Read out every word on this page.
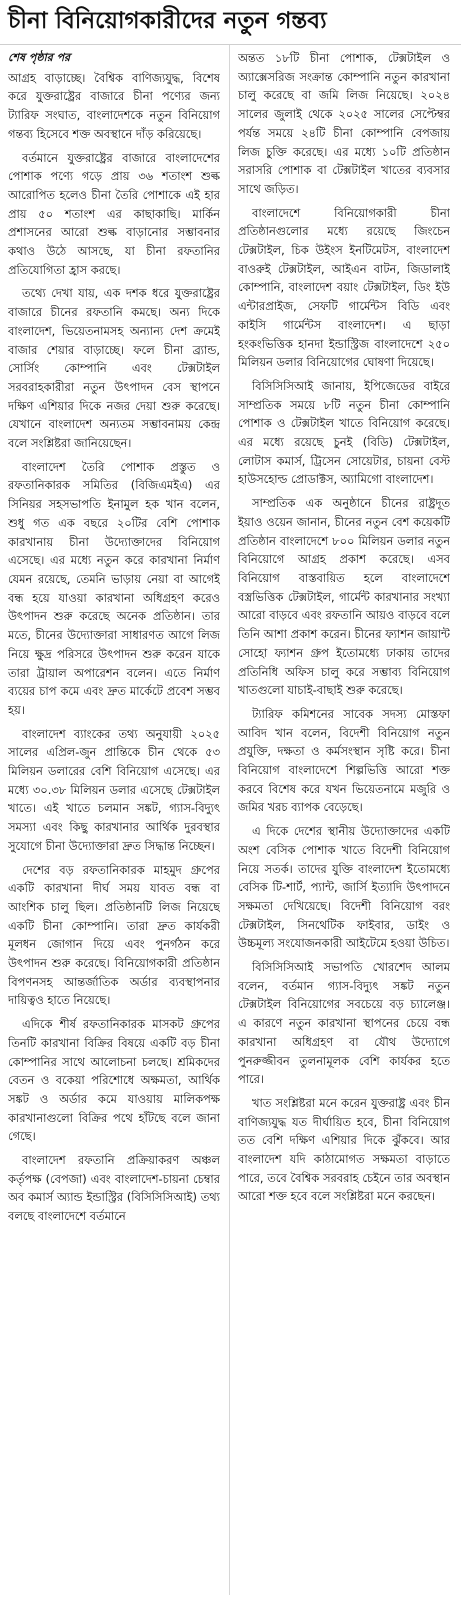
চীনা বিনিয়োগকারীদের নতুন গন্তব্য
শেষ পৃষ্ঠার পর

আগ্রহ বাড়াচ্ছে। বৈশ্বিক বাণিজ্যযুদ্ধ, বিশেষ করে যুক্তরাষ্ট্রের বাজারে চীনা পণ্যের জন্য ট্যারিফ সংঘাত, বাংলাদেশকে নতুন বিনিয়োগ গন্তব্য হিসেবে শক্ত অবস্থানে দাঁড় করিয়েছে।

বর্তমানে যুক্তরাষ্ট্রের বাজারে বাংলাদেশের পোশাক পণ্যে গড়ে প্রায় ৩৬ শতাংশ শুল্ক আরোপিত হলেও চীনা তৈরি পোশাকে এই হার প্রায় ৫০ শতাংশ এর কাছাকাছি। মার্কিন প্রশাসনের আরো শুল্ক বাড়ানোর সম্ভাবনার কথাও উঠে আসছে, যা চীনা রফতানির প্রতিযোগিতা হ্রাস করছে।

তথ্যে দেখা যায়, এক দশক ধরে যুক্তরাষ্ট্রের বাজারে চীনের রফতানি কমছে। অন্য দিকে বাংলাদেশ, ভিয়েতনামসহ অন্যান্য দেশ ক্রমেই বাজার শেয়ার বাড়াচ্ছে। ফলে চীনা ব্র্যান্ড, সোর্সিং কোম্পানি এবং টেক্সটাইল সরবরাহকারীরা নতুন উৎপাদন বেস স্থাপনে দক্ষিণ এশিয়ার দিকে নজর দেয়া শুরু করেছে। যেখানে বাংলাদেশ অন্যতম সম্ভাবনাময় কেন্দ্র বলে সংশ্লিষ্টরা জানিয়েছেন।

বাংলাদেশ তৈরি পোশাক প্রস্তুত ও রফতানিকারক সমিতির (বিজিএমইএ) এর সিনিয়র সহসভাপতি ইনামুল হক খান বলেন, শুধু গত এক বছরে ২০টির বেশি পোশাক কারখানায় চীনা উদ্যোক্তাদের বিনিয়োগ এসেছে। এর মধ্যে নতুন করে কারখানা নির্মাণ যেমন রয়েছে, তেমনি ভাড়ায় নেয়া বা আগেই বন্ধ হয়ে যাওয়া কারখানা অধিগ্রহণ করেও উৎপাদন শুরু করেছে অনেক প্রতিষ্ঠান। তার মতে, চীনের উদ্যোক্তারা সাধারণত আগে লিজ নিয়ে ক্ষুদ্র পরিসরে উৎপাদন শুরু করেন যাকে তারা ট্রায়াল অপারেশন বলেন। এতে নির্মাণ ব্যয়ের চাপ কমে এবং দ্রুত মার্কেটে প্রবেশ সম্ভব হয়।

বাংলাদেশ ব্যাংকের তথ্য অনুযায়ী ২০২৫ সালের এপ্রিল-জুন প্রান্তিকে চীন থেকে ৫৩ মিলিয়ন ডলারের বেশি বিনিয়োগ এসেছে। এর মধ্যে ৩০.৩৮ মিলিয়ন ডলার এসেছে টেক্সটাইল খাতে। এই খাতে চলমান সঙ্কট, গ্যাস-বিদ্যুৎ সমস্যা এবং কিছু কারখানার আর্থিক দুরবস্থার সুযোগে চীনা উদ্যোক্তারা দ্রুত সিদ্ধান্ত নিচ্ছেন।

দেশের বড় রফতানিকারক মাহমুদ গ্রুপের একটি কারখানা দীর্ঘ সময় যাবত বন্ধ বা আংশিক চালু ছিল। প্রতিষ্ঠানটি লিজ নিয়েছে একটি চীনা কোম্পানি। তারা দ্রুত কার্যকরী মূলধন জোগান দিয়ে এবং পুনর্গঠন করে উৎপাদন শুরু করেছে। বিনিয়োগকারী প্রতিষ্ঠান বিপণনসহ আন্তর্জাতিক অর্ডার ব্যবস্থাপনার দায়িত্বও হাতে নিয়েছে।

এদিকে শীর্ষ রফতানিকারক মাসকট গ্রুপের তিনটি কারখানা বিক্রির বিষয়ে একটি বড় চীনা কোম্পানির সাথে আলোচনা চলছে। শ্রমিকদের বেতন ও বকেয়া পরিশোধে অক্ষমতা, আর্থিক সঙ্কট ও অর্ডার কমে যাওয়ায় মালিকপক্ষ কারখানাগুলো বিক্রির পথে হাঁটছে বলে জানা গেছে।

বাংলাদেশ রফতানি প্রক্রিয়াকরণ অঞ্চল কর্তৃপক্ষ (বেপজা) এবং বাংলাদেশ-চায়না চেম্বার অব কমার্স অ্যান্ড ইন্ডাস্ট্রির (বিসিসিসিআই) তথ্য বলছে বাংলাদেশে বর্তমানে

অন্তত ১৮টি চীনা পোশাক, টেক্সটাইল ও অ্যাক্সেসরিজ সংক্রান্ত কোম্পানি নতুন কারখানা চালু করেছে বা জমি লিজ নিয়েছে। ২০২৪ সালের জুলাই থেকে ২০২৫ সালের সেপ্টেম্বর পর্যন্ত সময়ে ২৪টি চীনা কোম্পানি বেপজায় লিজ চুক্তি করেছে। এর মধ্যে ১০টি প্রতিষ্ঠান সরাসরি পোশাক বা টেক্সটাইল খাতের ব্যবসার সাথে জড়িত।

বাংলাদেশে বিনিয়োগকারী চীনা প্রতিষ্ঠানগুলোর মধ্যে রয়েছে জিংচেন টেক্সটাইল, চিক উইংস ইনটিমেটস, বাংলাদেশ বাওরুই টেক্সটাইল, আইএন বাটন, জিডালাই কোম্পানি, বাংলাদেশ বয়াং টেক্সটাইল, ডিং ইউ এন্টারপ্রাইজ, সেফটি গার্মেন্টস বিডি এবং কাইসি গার্মেন্টস বাংলাদেশ। এ ছাড়া হংকংভিত্তিক হানদা ইন্ডাস্ট্রিজ বাংলাদেশে ২৫০ মিলিয়ন ডলার বিনিয়োগের ঘোষণা দিয়েছে।

বিসিসিসিআই জানায়, ইপিজেডের বাইরে সাম্প্রতিক সময়ে ৮টি নতুন চীনা কোম্পানি পোশাক ও টেক্সটাইল খাতে বিনিয়োগ করেছে। এর মধ্যে রয়েছে চুনই (বিডি) টেক্সটাইল, লোটাস কমার্স, ট্রিসেন সোয়েটার, চায়না বেস্ট হাউসহোল্ড প্রোডাক্টস, অ্যামিগো বাংলাদেশ।

সাম্প্রতিক এক অনুষ্ঠানে চীনের রাষ্ট্রদূত ইয়াও ওয়েন জানান, চীনের নতুন বেশ কয়েকটি প্রতিষ্ঠান বাংলাদেশে ৮০০ মিলিয়ন ডলার নতুন বিনিয়োগে আগ্রহ প্রকাশ করেছে। এসব বিনিয়োগ বাস্তবায়িত হলে বাংলাদেশে বস্ত্রভিত্তিক টেক্সটাইল, গার্মেন্ট কারখানার সংখ্যা আরো বাড়বে এবং রফতানি আয়ও বাড়বে বলে তিনি আশা প্রকাশ করেন। চীনের ফ্যাশন জায়ান্ট সোহো ফ্যাশন গ্রুপ ইতোমধ্যে ঢাকায় তাদের প্রতিনিধি অফিস চালু করে সম্ভাব্য বিনিয়োগ খাতগুলো যাচাই-বাছাই শুরু করেছে।

ট্যারিফ কমিশনের সাবেক সদস্য মোস্তফা আবিদ খান বলেন, বিদেশী বিনিয়োগ নতুন প্রযুক্তি, দক্ষতা ও কর্মসংস্থান সৃষ্টি করে। চীনা বিনিয়োগ বাংলাদেশে শিল্পভিত্তি আরো শক্ত করবে বিশেষ করে যখন ভিয়েতনামে মজুরি ও জমির খরচ ব্যাপক বেড়েছে।

এ দিকে দেশের স্থানীয় উদ্যোক্তাদের একটি অংশ বেসিক পোশাক খাতে বিদেশী বিনিয়োগ নিয়ে সতর্ক। তাদের যুক্তি বাংলাদেশ ইতোমধ্যে বেসিক টি-শার্ট, প্যান্ট, জার্সি ইত্যাদি উৎপাদনে সক্ষমতা দেখিয়েছে। বিদেশী বিনিয়োগ বরং টেক্সটাইল, সিনথেটিক ফাইবার, ডাইং ও উচ্চমূল্য সংযোজনকারী আইটেমে হওয়া উচিত।

বিসিসিসিআই সভাপতি খোরশেদ আলম বলেন, বর্তমান গ্যাস-বিদ্যুৎ সঙ্কট নতুন টেক্সটাইল বিনিয়োগের সবচেয়ে বড় চ্যালেঞ্জ। এ কারণে নতুন কারখানা স্থাপনের চেয়ে বন্ধ কারখানা অধিগ্রহণ বা যৌথ উদ্যোগে পুনরুজ্জীবন তুলনামূলক বেশি কার্যকর হতে পারে।

খাত সংশ্লিষ্টরা মনে করেন যুক্তরাষ্ট্র এবং চীন বাণিজ্যযুদ্ধ যত দীর্ঘায়িত হবে, চীনা বিনিয়োগ তত বেশি দক্ষিণ এশিয়ার দিকে ঝুঁকবে। আর বাংলাদেশ যদি কাঠামোগত সক্ষমতা বাড়াতে পারে, তবে বৈশ্বিক সরবরাহ চেইনে তার অবস্থান আরো শক্ত হবে বলে সংশ্লিষ্টরা মনে করছেন।
